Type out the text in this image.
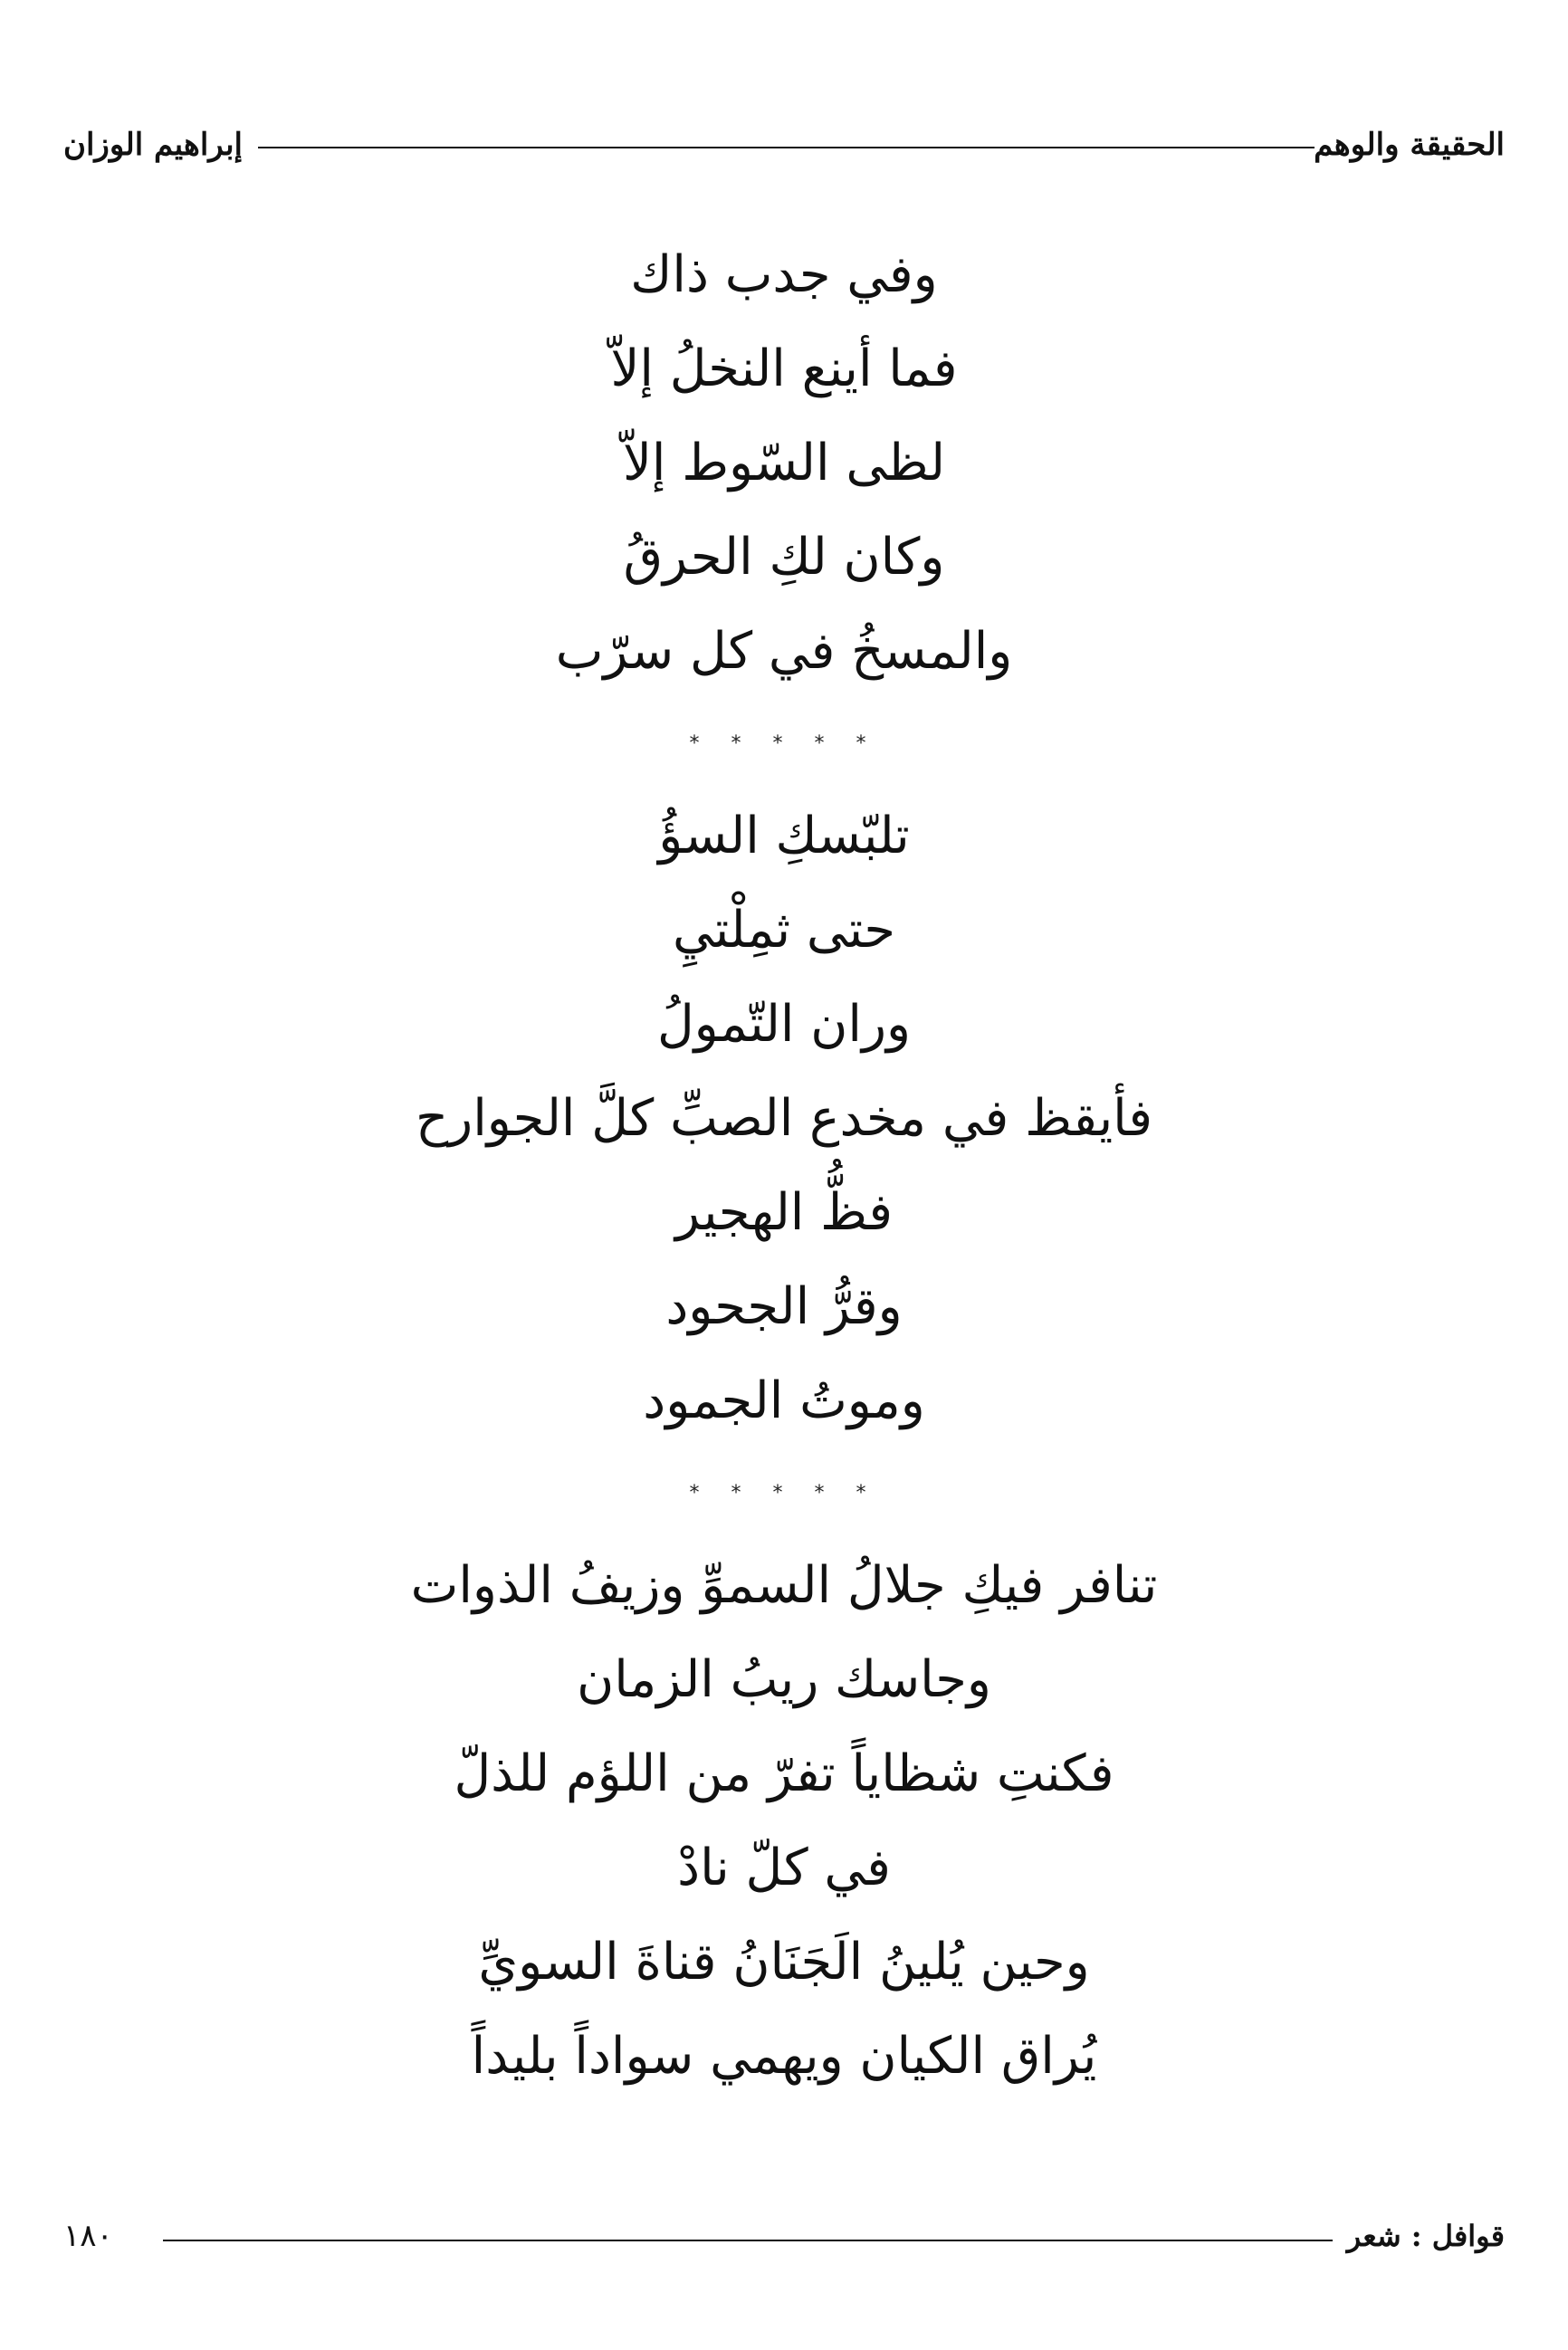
الحقيقة والوهم
إبراهيم الوزان
وفي جدب ذاك
فما أينع النخلُ إلاّ
لظى السّوط إلاّ
وكان لكِ الحرقُ
والمسخُ في كل سرّب
* * * * *
تلبّسكِ السؤُ
حتى ثمِلْتيِ
وران التّمولُ
فأيقظ في مخدع الصبِّ كلَّ الجوارح
فظُّ الهجير
وقرُّ الجحود
وموتُ الجمود
* * * * *
تنافر فيكِ جلالُ السموِّ وزيفُ الذوات
وجاسك ريبُ الزمان
فكنتِ شظاياً تفرّ من اللؤم للذلّ
في كلّ نادْ
وحين يُلينُ الَجَنَانُ قناةَ السويِّ
يُراق الكيان ويهمي سواداً بليداً
قوافل : شعر
١٨٠
